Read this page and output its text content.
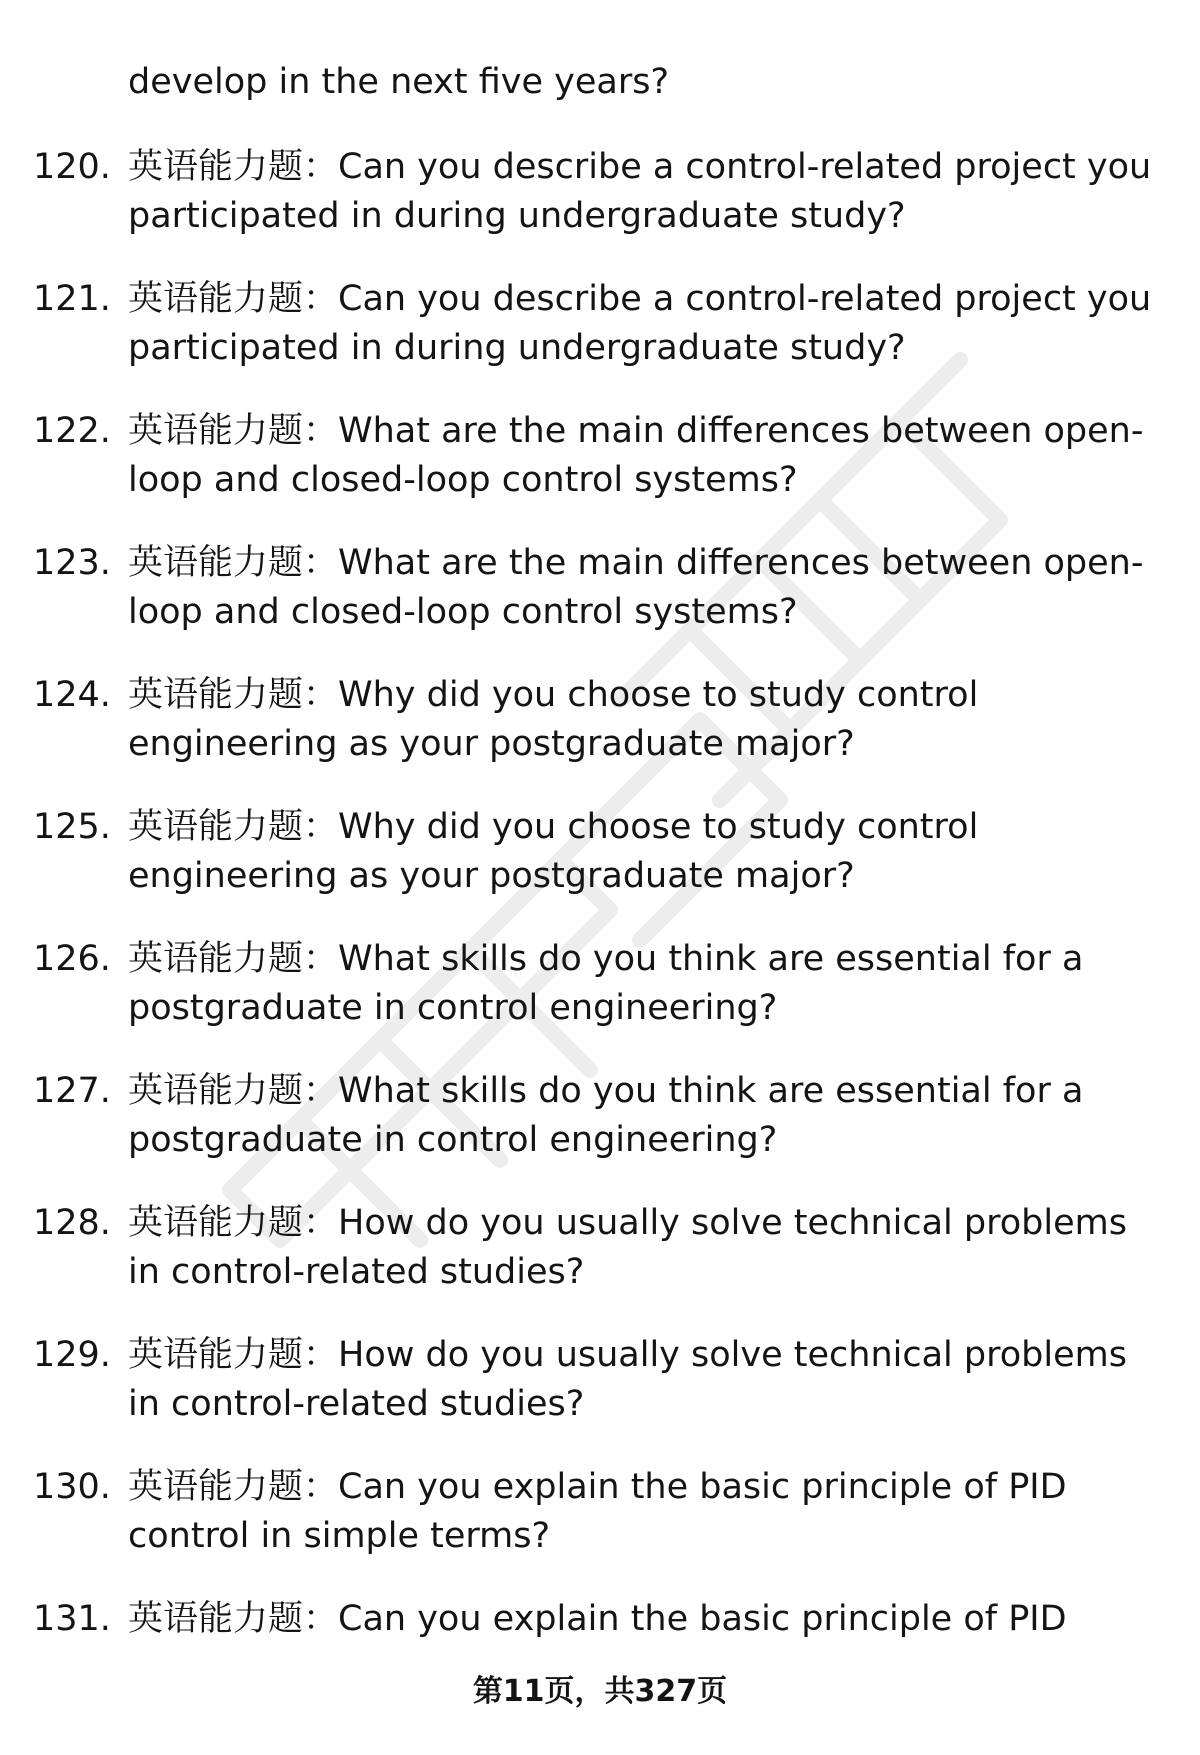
develop in the next five years?

120. 英语能力题：Can you describe a control-related project you participated in during undergraduate study?

121. 英语能力题：Can you describe a control-related project you participated in during undergraduate study?

122. 英语能力题：What are the main differences between open-loop and closed-loop control systems?

123. 英语能力题：What are the main differences between open-loop and closed-loop control systems?

124. 英语能力题：Why did you choose to study control engineering as your postgraduate major?

125. 英语能力题：Why did you choose to study control engineering as your postgraduate major?

126. 英语能力题：What skills do you think are essential for a postgraduate in control engineering?

127. 英语能力题：What skills do you think are essential for a postgraduate in control engineering?

128. 英语能力题：How do you usually solve technical problems in control-related studies?

129. 英语能力题：How do you usually solve technical problems in control-related studies?

130. 英语能力题：Can you explain the basic principle of PID control in simple terms?

131. 英语能力题：Can you explain the basic principle of PID

第11页，共327页
